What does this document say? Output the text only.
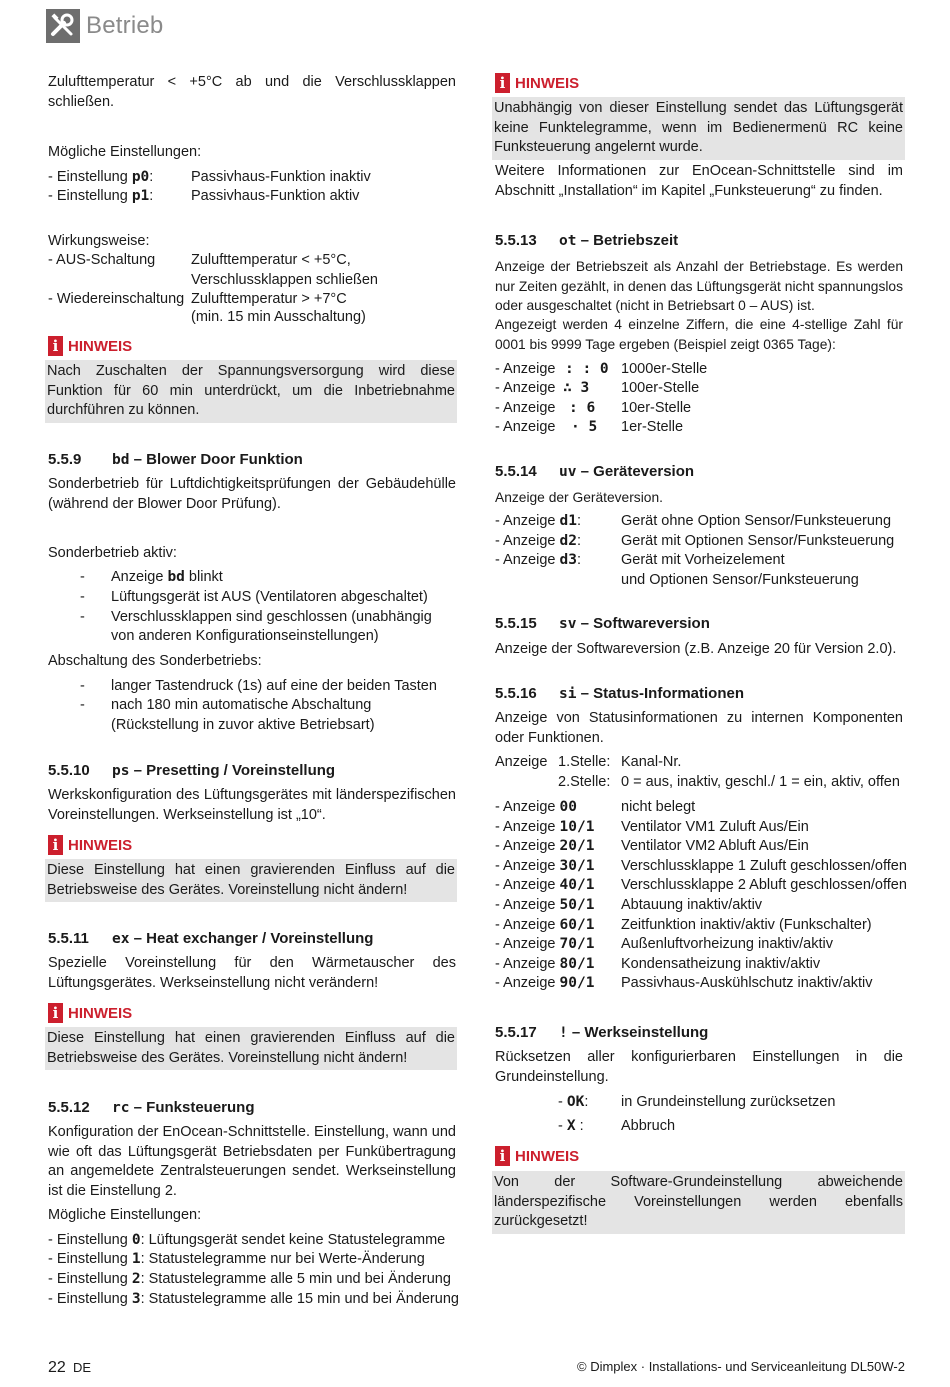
Betrieb
Zulufttemperatur < +5°C ab und die Verschlussklappen schließen.
Mögliche Einstellungen:
- Einstellung p0:	Passivhaus-Funktion inaktiv
- Einstellung p1:	Passivhaus-Funktion aktiv
Wirkungsweise:
- AUS-Schaltung Zulufttemperatur < +5°C,
Verschlussklappen schließen
- Wiedereinschaltung Zulufttemperatur > +7°C
(min. 15 min Ausschaltung)
i HINWEIS
Nach Zuschalten der Spannungsversorgung wird diese Funktion für 60 min unterdrückt, um die Inbetriebnahme durchführen zu können.
5.5.9 bd – Blower Door Funktion
Sonderbetrieb für Luftdichtigkeitsprüfungen der Gebäudehülle (während der Blower Door Prüfung).
Sonderbetrieb aktiv:
- Anzeige bd blinkt
- Lüftungsgerät ist AUS (Ventilatoren abgeschaltet)
- Verschlussklappen sind geschlossen (unabhängig
von anderen Konfigurationseinstellungen)
Abschaltung des Sonderbetriebs:
- langer Tastendruck (1s) auf eine der beiden Tasten
- nach 180 min automatische Abschaltung
(Rückstellung in zuvor aktive Betriebsart)
5.5.10 ps – Presetting / Voreinstellung
Werkskonfiguration des Lüftungsgerätes mit länderspezifischen Voreinstellungen. Werkseinstellung ist „10“.
i HINWEIS
Diese Einstellung hat einen gravierenden Einfluss auf die Betriebsweise des Gerätes. Voreinstellung nicht ändern!
5.5.11 ex – Heat exchanger / Voreinstellung
Spezielle Voreinstellung für den Wärmetauscher des Lüftungsgerätes. Werkseinstellung nicht verändern!
i HINWEIS
Diese Einstellung hat einen gravierenden Einfluss auf die Betriebsweise des Gerätes. Voreinstellung nicht ändern!
5.5.12 rc – Funksteuerung
Konfiguration der EnOcean-Schnittstelle. Einstellung, wann und wie oft das Lüftungsgerät Betriebsdaten per Funkübertragung an angemeldete Zentralsteuerungen sendet. Werkseinstellung ist die Einstellung 2.
Mögliche Einstellungen:
- Einstellung 0: Lüftungsgerät sendet keine Statustelegramme
- Einstellung 1: Statustelegramme nur bei Werte-Änderung
- Einstellung 2: Statustelegramme alle 5 min und bei Änderung
- Einstellung 3: Statustelegramme alle 15 min und bei Änderung
i HINWEIS
Unabhängig von dieser Einstellung sendet das Lüftungsgerät keine Funktelegramme, wenn im Bedienermenü RC keine Funksteuerung angelernt wurde.
Weitere Informationen zur EnOcean-Schnittstelle sind im Abschnitt „Installation“ im Kapitel „Funksteuerung“ zu finden.
5.5.13 ot – Betriebszeit
Anzeige der Betriebszeit als Anzahl der Betriebstage. Es werden nur Zeiten gezählt, in denen das Lüftungsgerät nicht spannungslos oder ausgeschaltet (nicht in Betriebsart 0 – AUS) ist.
Angezeigt werden 4 einzelne Ziffern, die eine 4-stellige Zahl für 0001 bis 9999 Tage ergeben (Beispiel zeigt 0365 Tage):
- Anzeige : : 0 1000er-Stelle
- Anzeige ∴ 3 100er-Stelle
- Anzeige : 6 10er-Stelle
- Anzeige · 5 1er-Stelle
5.5.14 uv – Geräteversion
Anzeige der Geräteversion.
- Anzeige d1:	Gerät ohne Option Sensor/Funksteuerung
- Anzeige d2:	Gerät mit Optionen Sensor/Funksteuerung
- Anzeige d3:	Gerät mit Vorheizelement
und Optionen Sensor/Funksteuerung
5.5.15 sv – Softwareversion
Anzeige der Softwareversion (z.B. Anzeige 20 für Version 2.0).
5.5.16 si – Status-Informationen
Anzeige von Statusinformationen zu internen Komponenten oder Funktionen.
Anzeige 1.Stelle: Kanal-Nr.
2.Stelle: 0 = aus, inaktiv, geschl./ 1 = ein, aktiv, offen
- Anzeige 00	nicht belegt
- Anzeige 10/1 Ventilator VM1 Zuluft Aus/Ein
- Anzeige 20/1 Ventilator VM2 Abluft Aus/Ein
- Anzeige 30/1 Verschlussklappe 1 Zuluft geschlossen/offen
- Anzeige 40/1 Verschlussklappe 2 Abluft geschlossen/offen
- Anzeige 50/1 Abtauung inaktiv/aktiv
- Anzeige 60/1 Zeitfunktion inaktiv/aktiv (Funkschalter)
- Anzeige 70/1 Außenluftvorheizung inaktiv/aktiv
- Anzeige 80/1 Kondensatheizung inaktiv/aktiv
- Anzeige 90/1 Passivhaus-Auskühlschutz inaktiv/aktiv
5.5.17 ! – Werkseinstellung
Rücksetzen aller konfigurierbaren Einstellungen in die Grundeinstellung.
- OK: in Grundeinstellung zurücksetzen
- X :	Abbruch
i HINWEIS
Von der Software-Grundeinstellung abweichende länderspezifische Voreinstellungen werden ebenfalls zurückgesetzt!
22 DE	© Dimplex · Installations- und Serviceanleitung DL50W-2
